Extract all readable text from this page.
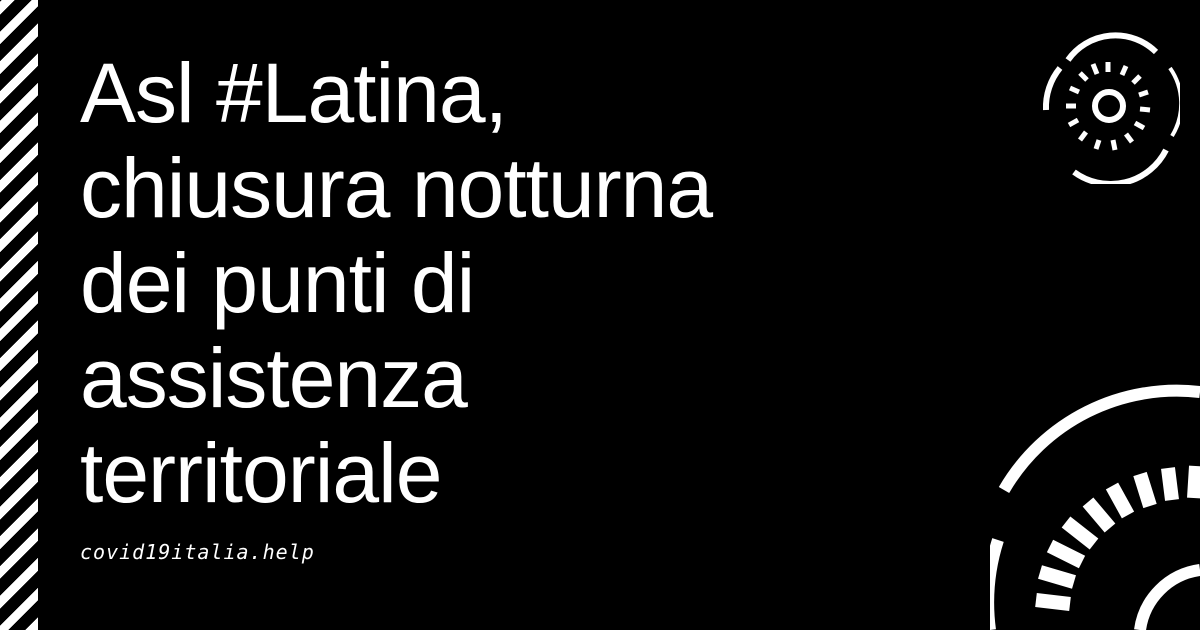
Asl #Latina,
chiusura notturna
dei punti di
assistenza
territoriale
covid19italia.help
